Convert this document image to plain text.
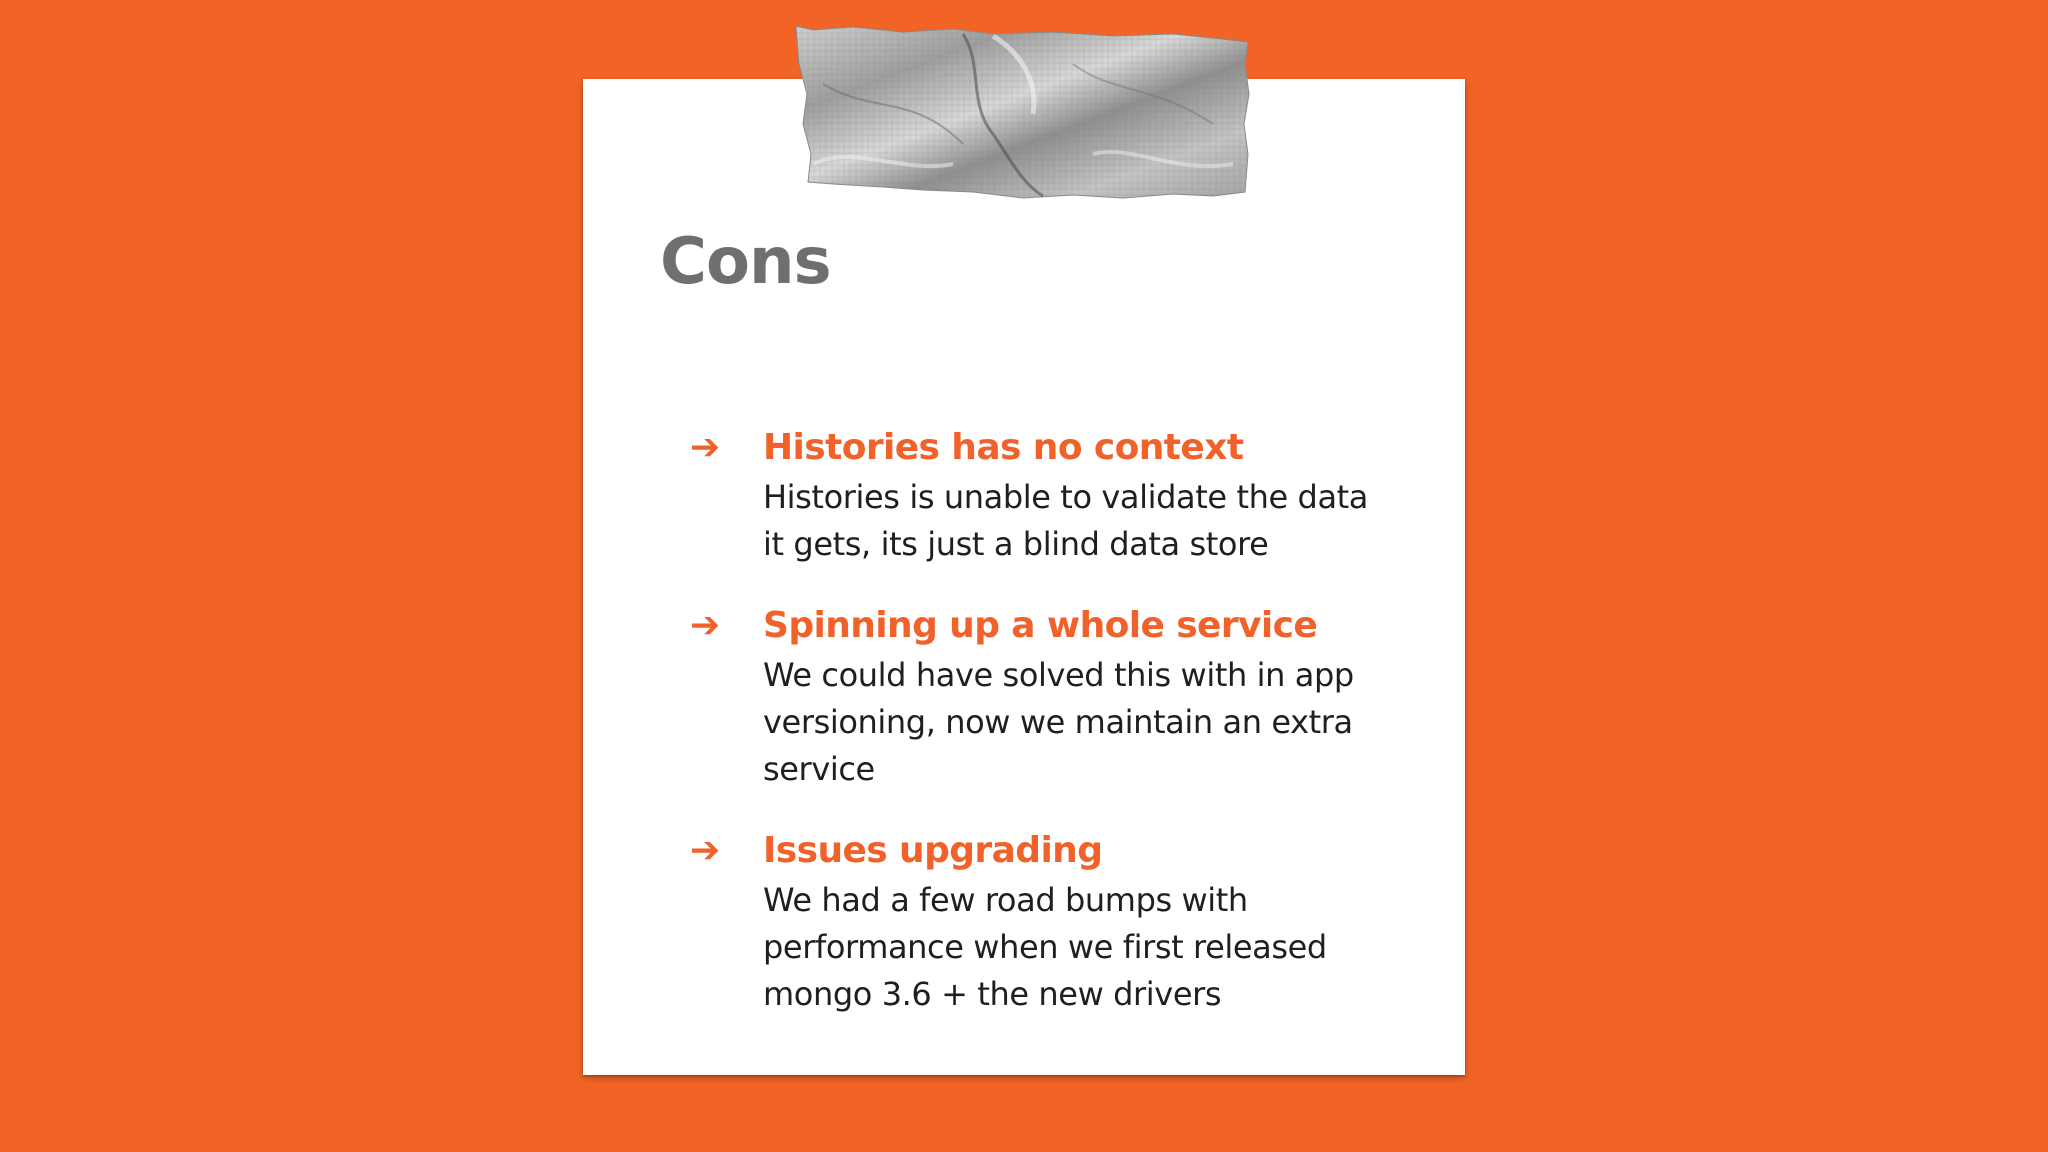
Cons
➔ Histories has no context

Histories is unable to validate the data
it gets, its just a blind data store

➔ Spinning up a whole service

We could have solved this with in app
versioning, now we maintain an extra
service

➔ Issues upgrading

We had a few road bumps with
performance when we first released
mongo 3.6 + the new drivers
